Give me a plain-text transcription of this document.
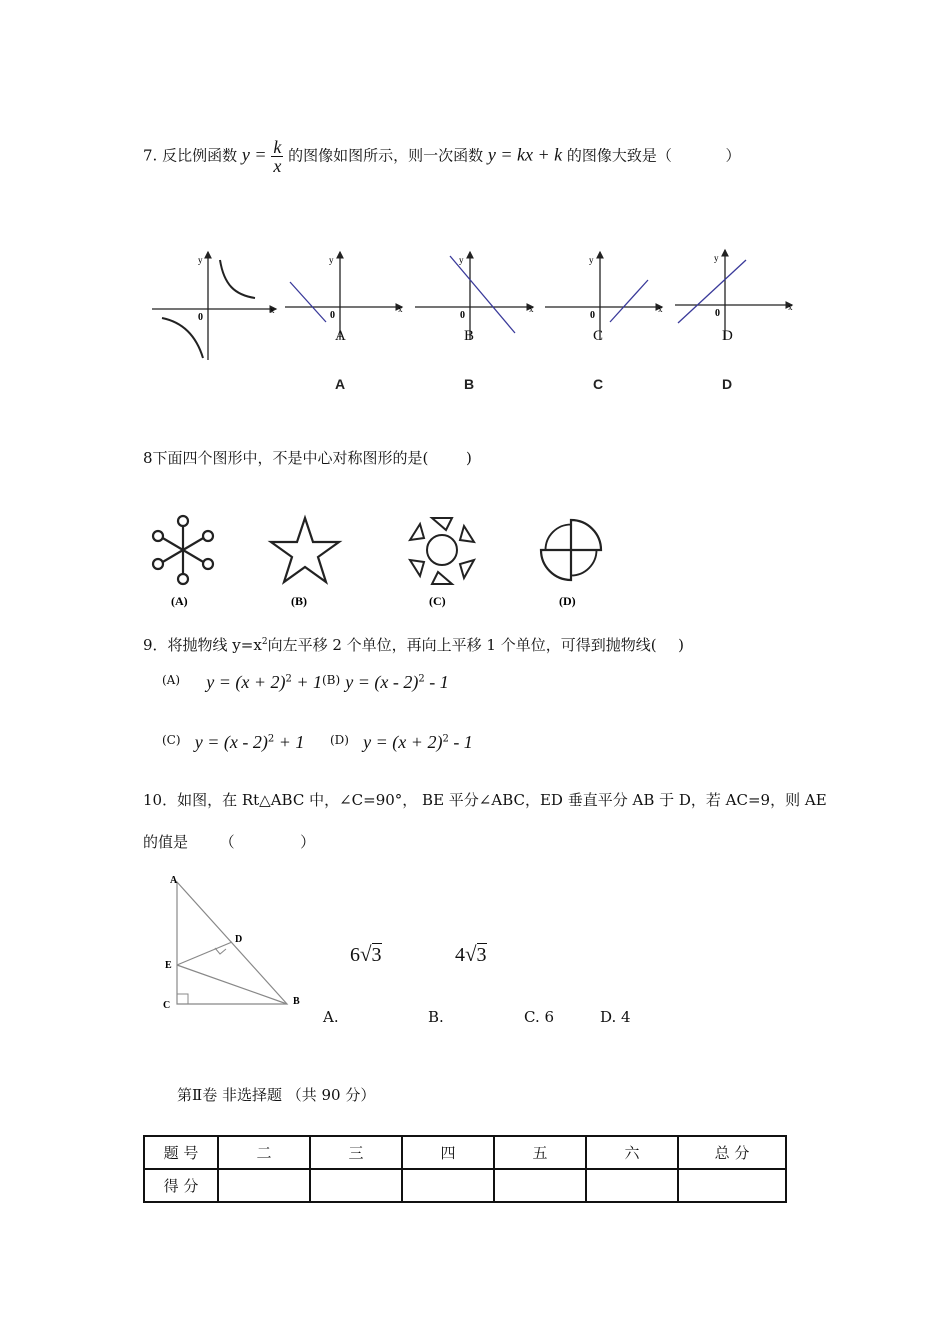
7. 反比例函数 $y = \frac{k}{x}$ 的图像如图所示，则一次函数 y = kx + k 的图像大致是（	）
y
x
0
y
x
0
y
x
0
y
x
0
y
x
0
A	B	C	D
A	B	C	D
8下面四个图形中，不是中心对称图形的是(	)
(A)	(B)	(C)	(D)
9．将抛物线 $y=x^2$向左平移 2 个单位，再向上平移 1 个单位，可得到抛物线( )
$^{(A)}$ $y = (x + 2)^2 + 1$ $^{(B)}$ y = (x - 2)$^2$ - 1
$^{(C)}$ y = (x - 2)$^2$ + 1 $^{(D)}$ $y = (x + 2)^2 - 1$
10．如图，在 Rt△ABC 中，∠C=90°， BE 平分∠ABC，ED 垂直平分 AB 于 D，若 AC=9，则 AE
的值是 （	）
A
D
E
C	B
6√3	4√3
A.	B.	C. 6	D. 4
第Ⅱ卷 非选择题 （共 90 分）
题 号	二	三	四	五	六	总 分
得 分						
